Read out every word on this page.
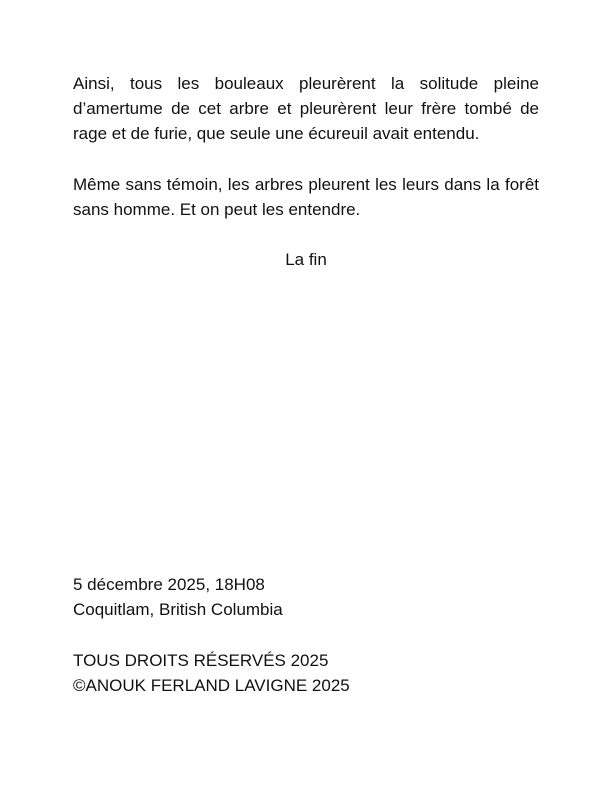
Ainsi, tous les bouleaux pleurèrent la solitude pleine d’amertume de cet arbre et pleurèrent leur frère tombé de rage et de furie, que seule une écureuil avait entendu.

Même sans témoin, les arbres pleurent les leurs dans la forêt sans homme. Et on peut les entendre.

La fin

5 décembre 2025, 18H08

Coquitlam, British Columbia

TOUS DROITS RÉSERVÉS 2025

©ANOUK FERLAND LAVIGNE 2025
